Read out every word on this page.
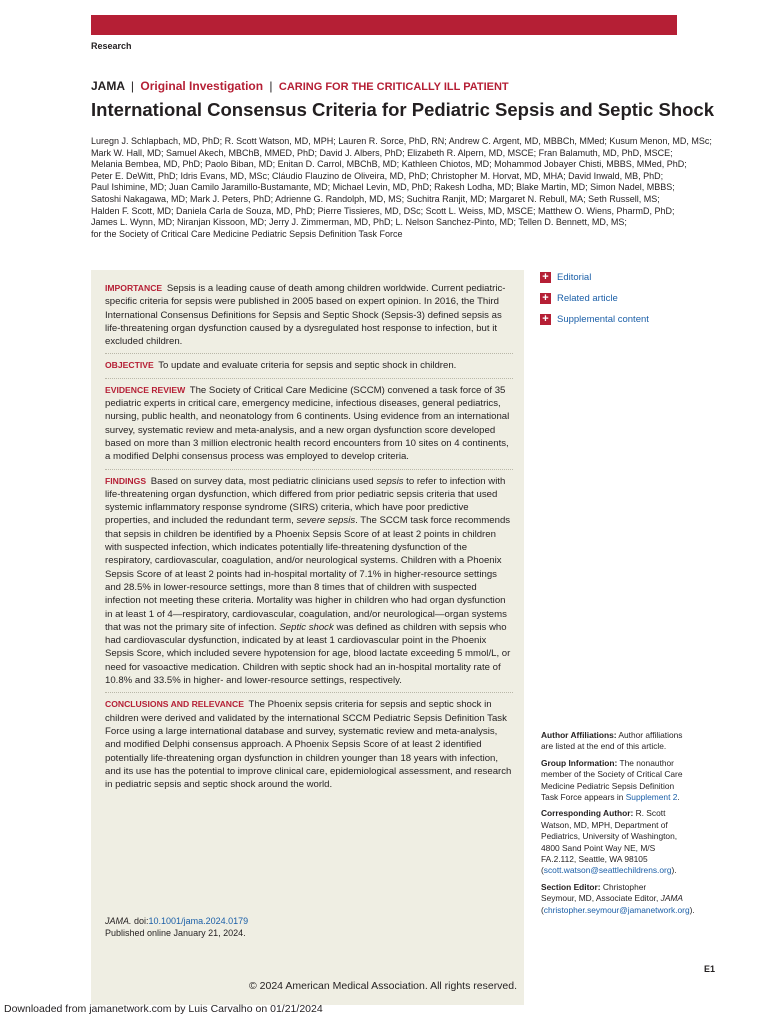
Research
JAMA | Original Investigation | CARING FOR THE CRITICALLY ILL PATIENT
International Consensus Criteria for Pediatric Sepsis and Septic Shock
Luregn J. Schlapbach, MD, PhD; R. Scott Watson, MD, MPH; Lauren R. Sorce, PhD, RN; Andrew C. Argent, MD, MBBCh, MMed; Kusum Menon, MD, MSc;
Mark W. Hall, MD; Samuel Akech, MBChB, MMED, PhD; David J. Albers, PhD; Elizabeth R. Alpern, MD, MSCE; Fran Balamuth, MD, PhD, MSCE;
Melania Bembea, MD, PhD; Paolo Biban, MD; Enitan D. Carrol, MBChB, MD; Kathleen Chiotos, MD; Mohammod Jobayer Chisti, MBBS, MMed, PhD;
Peter E. DeWitt, PhD; Idris Evans, MD, MSc; Cláudio Flauzino de Oliveira, MD, PhD; Christopher M. Horvat, MD, MHA; David Inwald, MB, PhD;
Paul Ishimine, MD; Juan Camilo Jaramillo-Bustamante, MD; Michael Levin, MD, PhD; Rakesh Lodha, MD; Blake Martin, MD; Simon Nadel, MBBS;
Satoshi Nakagawa, MD; Mark J. Peters, PhD; Adrienne G. Randolph, MD, MS; Suchitra Ranjit, MD; Margaret N. Rebull, MA; Seth Russell, MS;
Halden F. Scott, MD; Daniela Carla de Souza, MD, PhD; Pierre Tissieres, MD, DSc; Scott L. Weiss, MD, MSCE; Matthew O. Wiens, PharmD, PhD;
James L. Wynn, MD; Niranjan Kissoon, MD; Jerry J. Zimmerman, MD, PhD; L. Nelson Sanchez-Pinto, MD; Tellen D. Bennett, MD, MS;
for the Society of Critical Care Medicine Pediatric Sepsis Definition Task Force
IMPORTANCE Sepsis is a leading cause of death among children worldwide. Current pediatric-specific criteria for sepsis were published in 2005 based on expert opinion. In 2016, the Third International Consensus Definitions for Sepsis and Septic Shock (Sepsis-3) defined sepsis as life-threatening organ dysfunction caused by a dysregulated host response to infection, but it excluded children.
OBJECTIVE To update and evaluate criteria for sepsis and septic shock in children.
EVIDENCE REVIEW The Society of Critical Care Medicine (SCCM) convened a task force of 35 pediatric experts in critical care, emergency medicine, infectious diseases, general pediatrics, nursing, public health, and neonatology from 6 continents. Using evidence from an international survey, systematic review and meta-analysis, and a new organ dysfunction score developed based on more than 3 million electronic health record encounters from 10 sites on 4 continents, a modified Delphi consensus process was employed to develop criteria.
FINDINGS Based on survey data, most pediatric clinicians used sepsis to refer to infection with life-threatening organ dysfunction, which differed from prior pediatric sepsis criteria that used systemic inflammatory response syndrome (SIRS) criteria, which have poor predictive properties, and included the redundant term, severe sepsis. The SCCM task force recommends that sepsis in children be identified by a Phoenix Sepsis Score of at least 2 points in children with suspected infection, which indicates potentially life-threatening dysfunction of the respiratory, cardiovascular, coagulation, and/or neurological systems. Children with a Phoenix Sepsis Score of at least 2 points had in-hospital mortality of 7.1% in higher-resource settings and 28.5% in lower-resource settings, more than 8 times that of children with suspected infection not meeting these criteria. Mortality was higher in children who had organ dysfunction in at least 1 of 4—respiratory, cardiovascular, coagulation, and/or neurological—organ systems that was not the primary site of infection. Septic shock was defined as children with sepsis who had cardiovascular dysfunction, indicated by at least 1 cardiovascular point in the Phoenix Sepsis Score, which included severe hypotension for age, blood lactate exceeding 5 mmol/L, or need for vasoactive medication. Children with septic shock had an in-hospital mortality rate of 10.8% and 33.5% in higher- and lower-resource settings, respectively.
CONCLUSIONS AND RELEVANCE The Phoenix sepsis criteria for sepsis and septic shock in children were derived and validated by the international SCCM Pediatric Sepsis Definition Task Force using a large international database and survey, systematic review and meta-analysis, and modified Delphi consensus approach. A Phoenix Sepsis Score of at least 2 identified potentially life-threatening organ dysfunction in children younger than 18 years with infection, and its use has the potential to improve clinical care, epidemiological assessment, and research in pediatric sepsis and septic shock around the world.
JAMA. doi:10.1001/jama.2024.0179
Published online January 21, 2024.
+ Editorial
+ Related article
+ Supplemental content

Author Affiliations: Author affiliations are listed at the end of this article.

Group Information: The nonauthor member of the Society of Critical Care Medicine Pediatric Sepsis Definition Task Force appears in Supplement 2.

Corresponding Author: R. Scott Watson, MD, MPH, Department of Pediatrics, University of Washington, 4800 Sand Point Way NE, M/S FA.2.112, Seattle, WA 98105 (scott.watson@seattlechildrens.org).

Section Editor: Christopher Seymour, MD, Associate Editor, JAMA (christopher.seymour@jamanetwork.org).

E1
© 2024 American Medical Association. All rights reserved.
Downloaded from jamanetwork.com by Luis Carvalho on 01/21/2024
